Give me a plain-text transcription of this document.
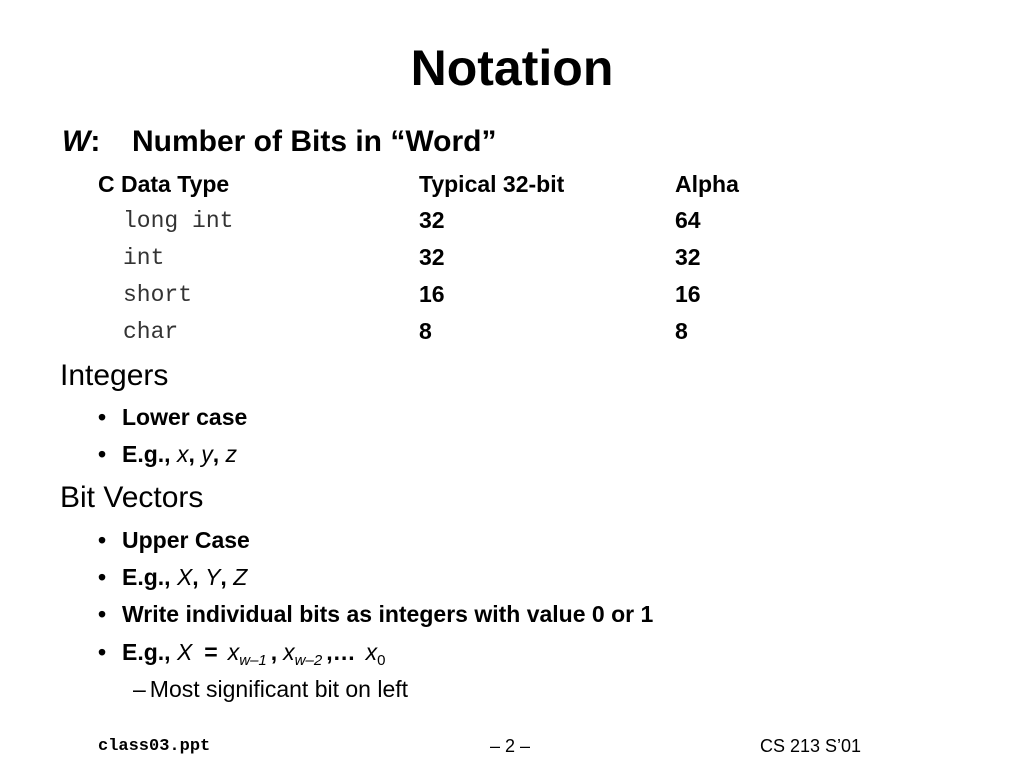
Notation
W: Number of Bits in “Word”
C Data Type	Typical 32-bit	Alpha
long int	32	64
int	32	32
short	16	16
char	8	8
Integers
• Lower case
• E.g., x, y, z
Bit Vectors
• Upper Case
• E.g., X, Y, Z
• Write individual bits as integers with value 0 or 1
• E.g., $X = x_{w-1}$ , $x_{w-2}$ ,… $x_0$
– Most significant bit on left
class03.ppt	– 2 –	CS 213 S’01
